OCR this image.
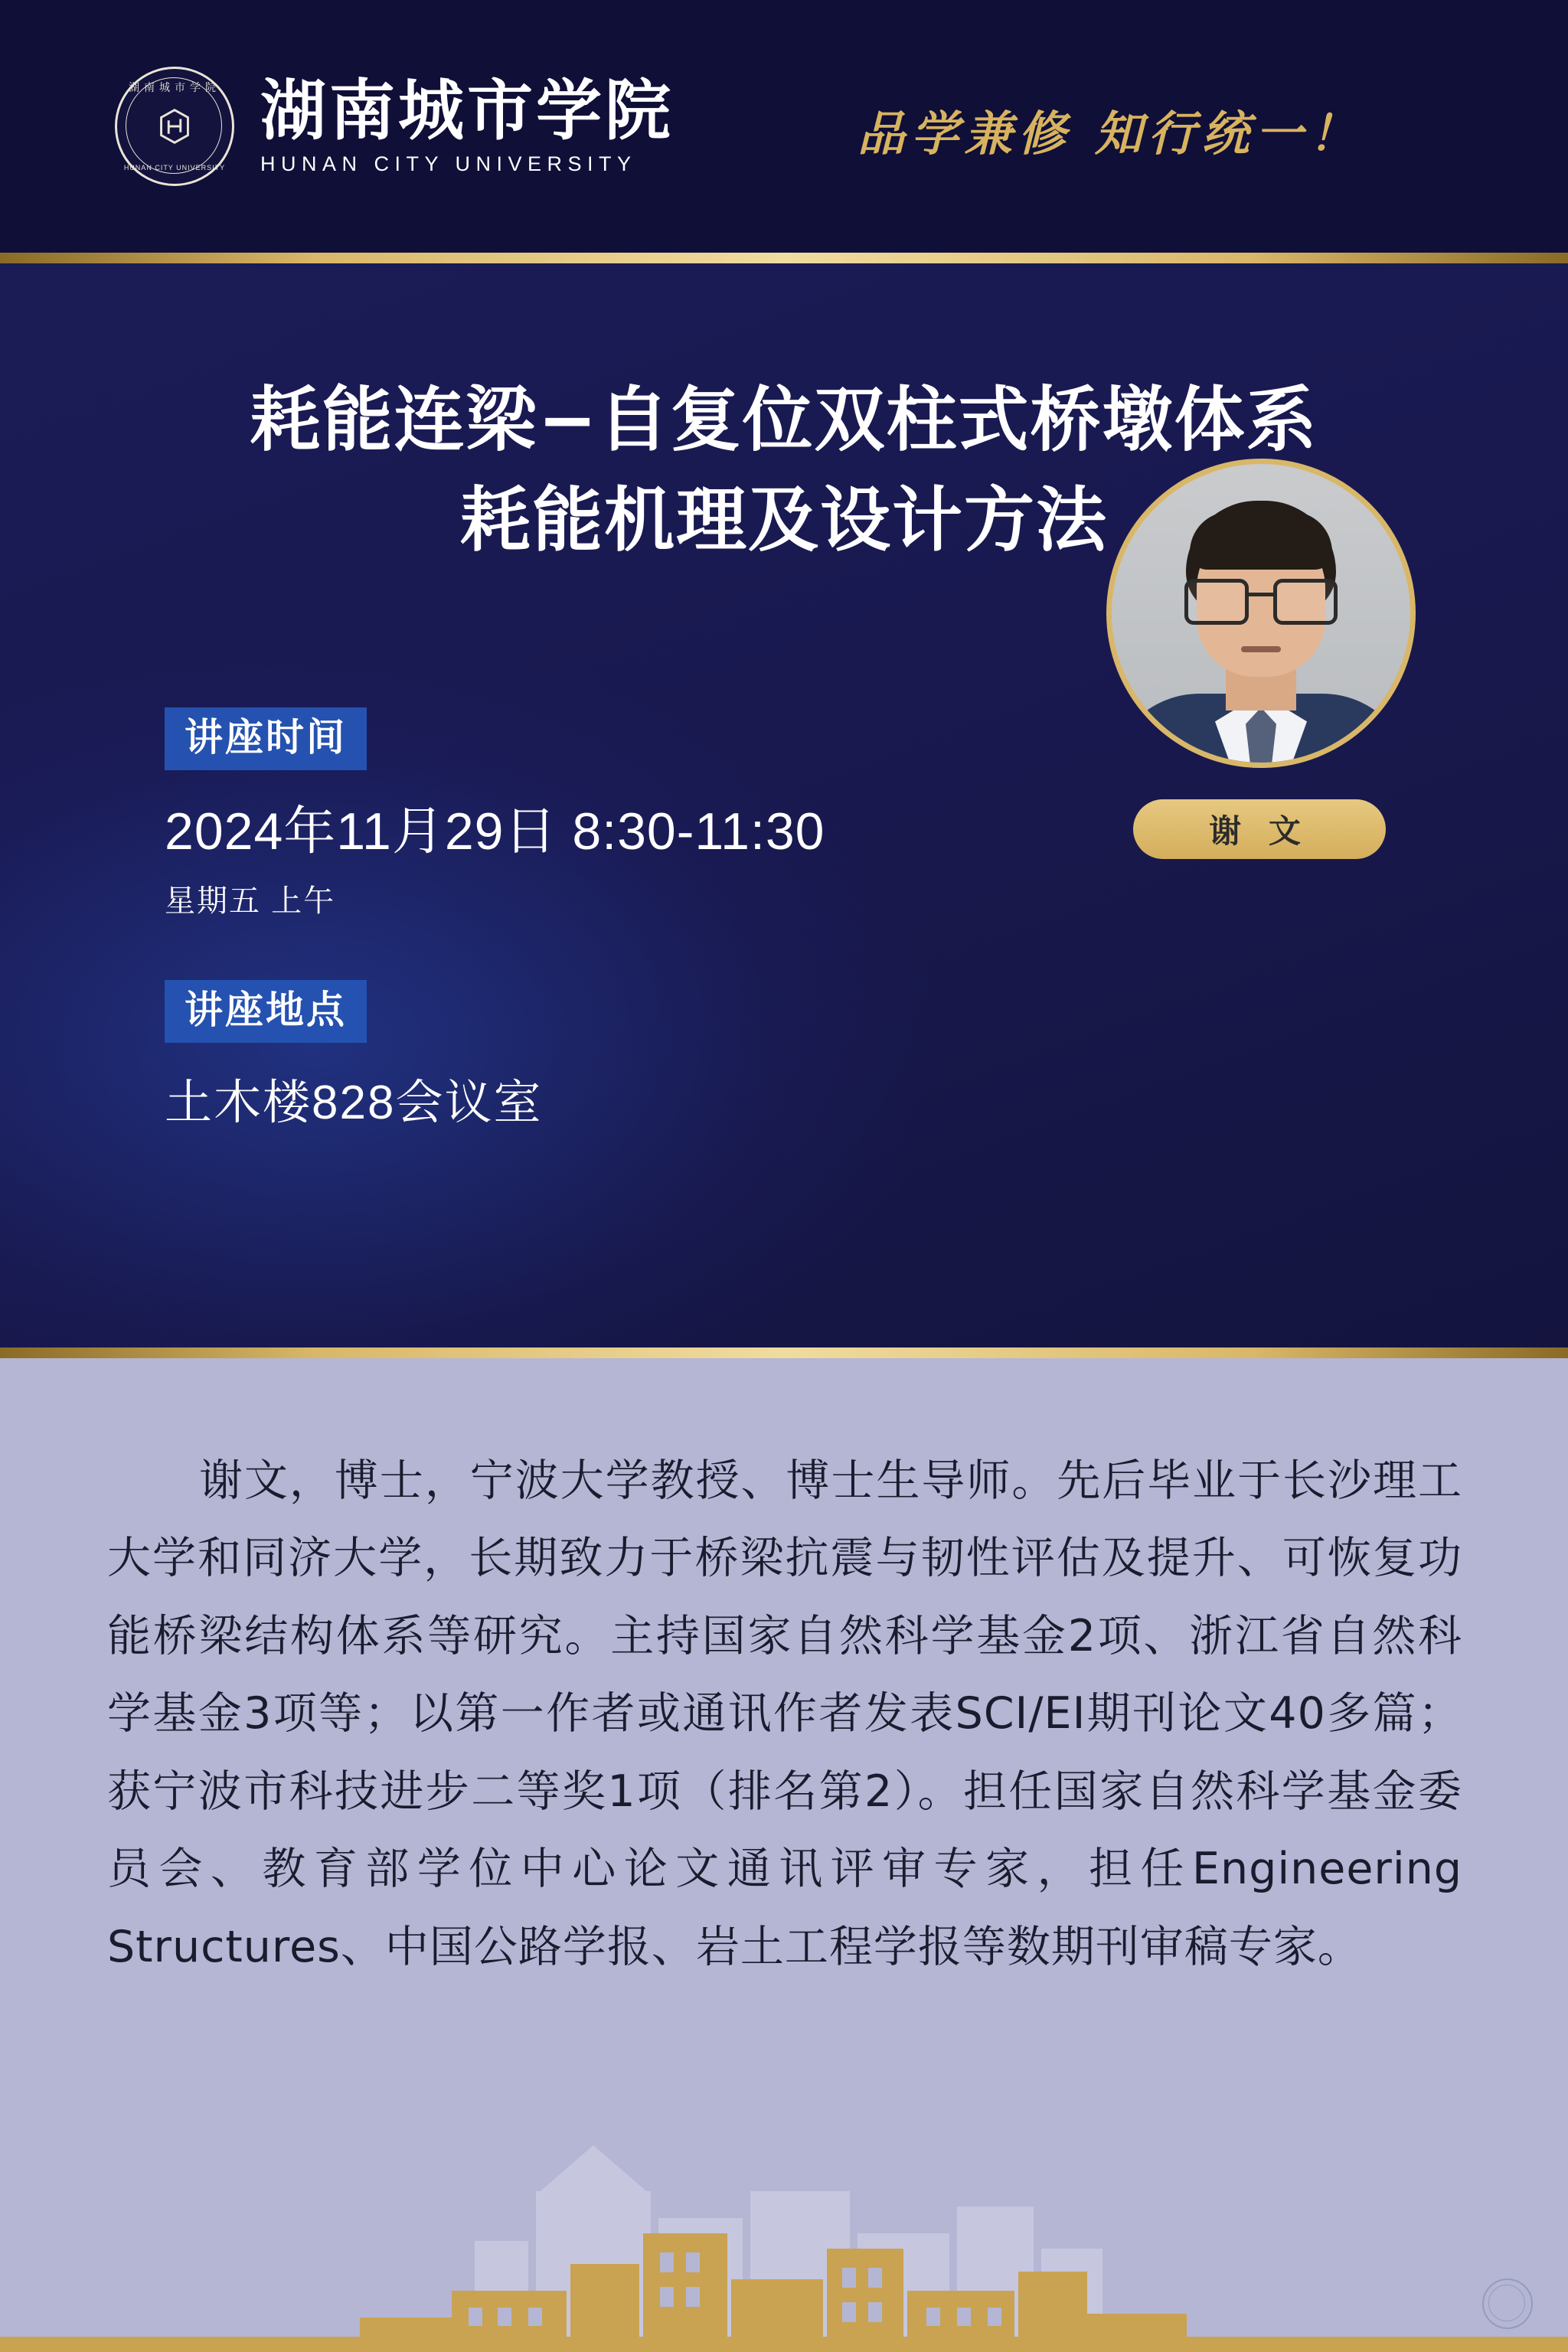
湖南城市学院
HUNAN CITY UNIVERSITY
湖南城市学院
HUNAN CITY UNIVERSITY
品学兼修 知行统一！
耗能连梁−自复位双柱式桥墩体系
耗能机理及设计方法
讲座时间
2024年11月29日 8:30-11:30
星期五 上午
讲座地点
土木楼828会议室
谢 文
谢文，博士，宁波大学教授、博士生导师。先后毕业于长沙理工大学和同济大学，长期致力于桥梁抗震与韧性评估及提升、可恢复功能桥梁结构体系等研究。主持国家自然科学基金2项、浙江省自然科学基金3项等；以第一作者或通讯作者发表SCI/EI期刊论文40多篇；获宁波市科技进步二等奖1项（排名第2）。担任国家自然科学基金委员会、教育部学位中心论文通讯评审专家，担任Engineering　Structures、中国公路学报、岩土工程学报等数期刊审稿专家。
